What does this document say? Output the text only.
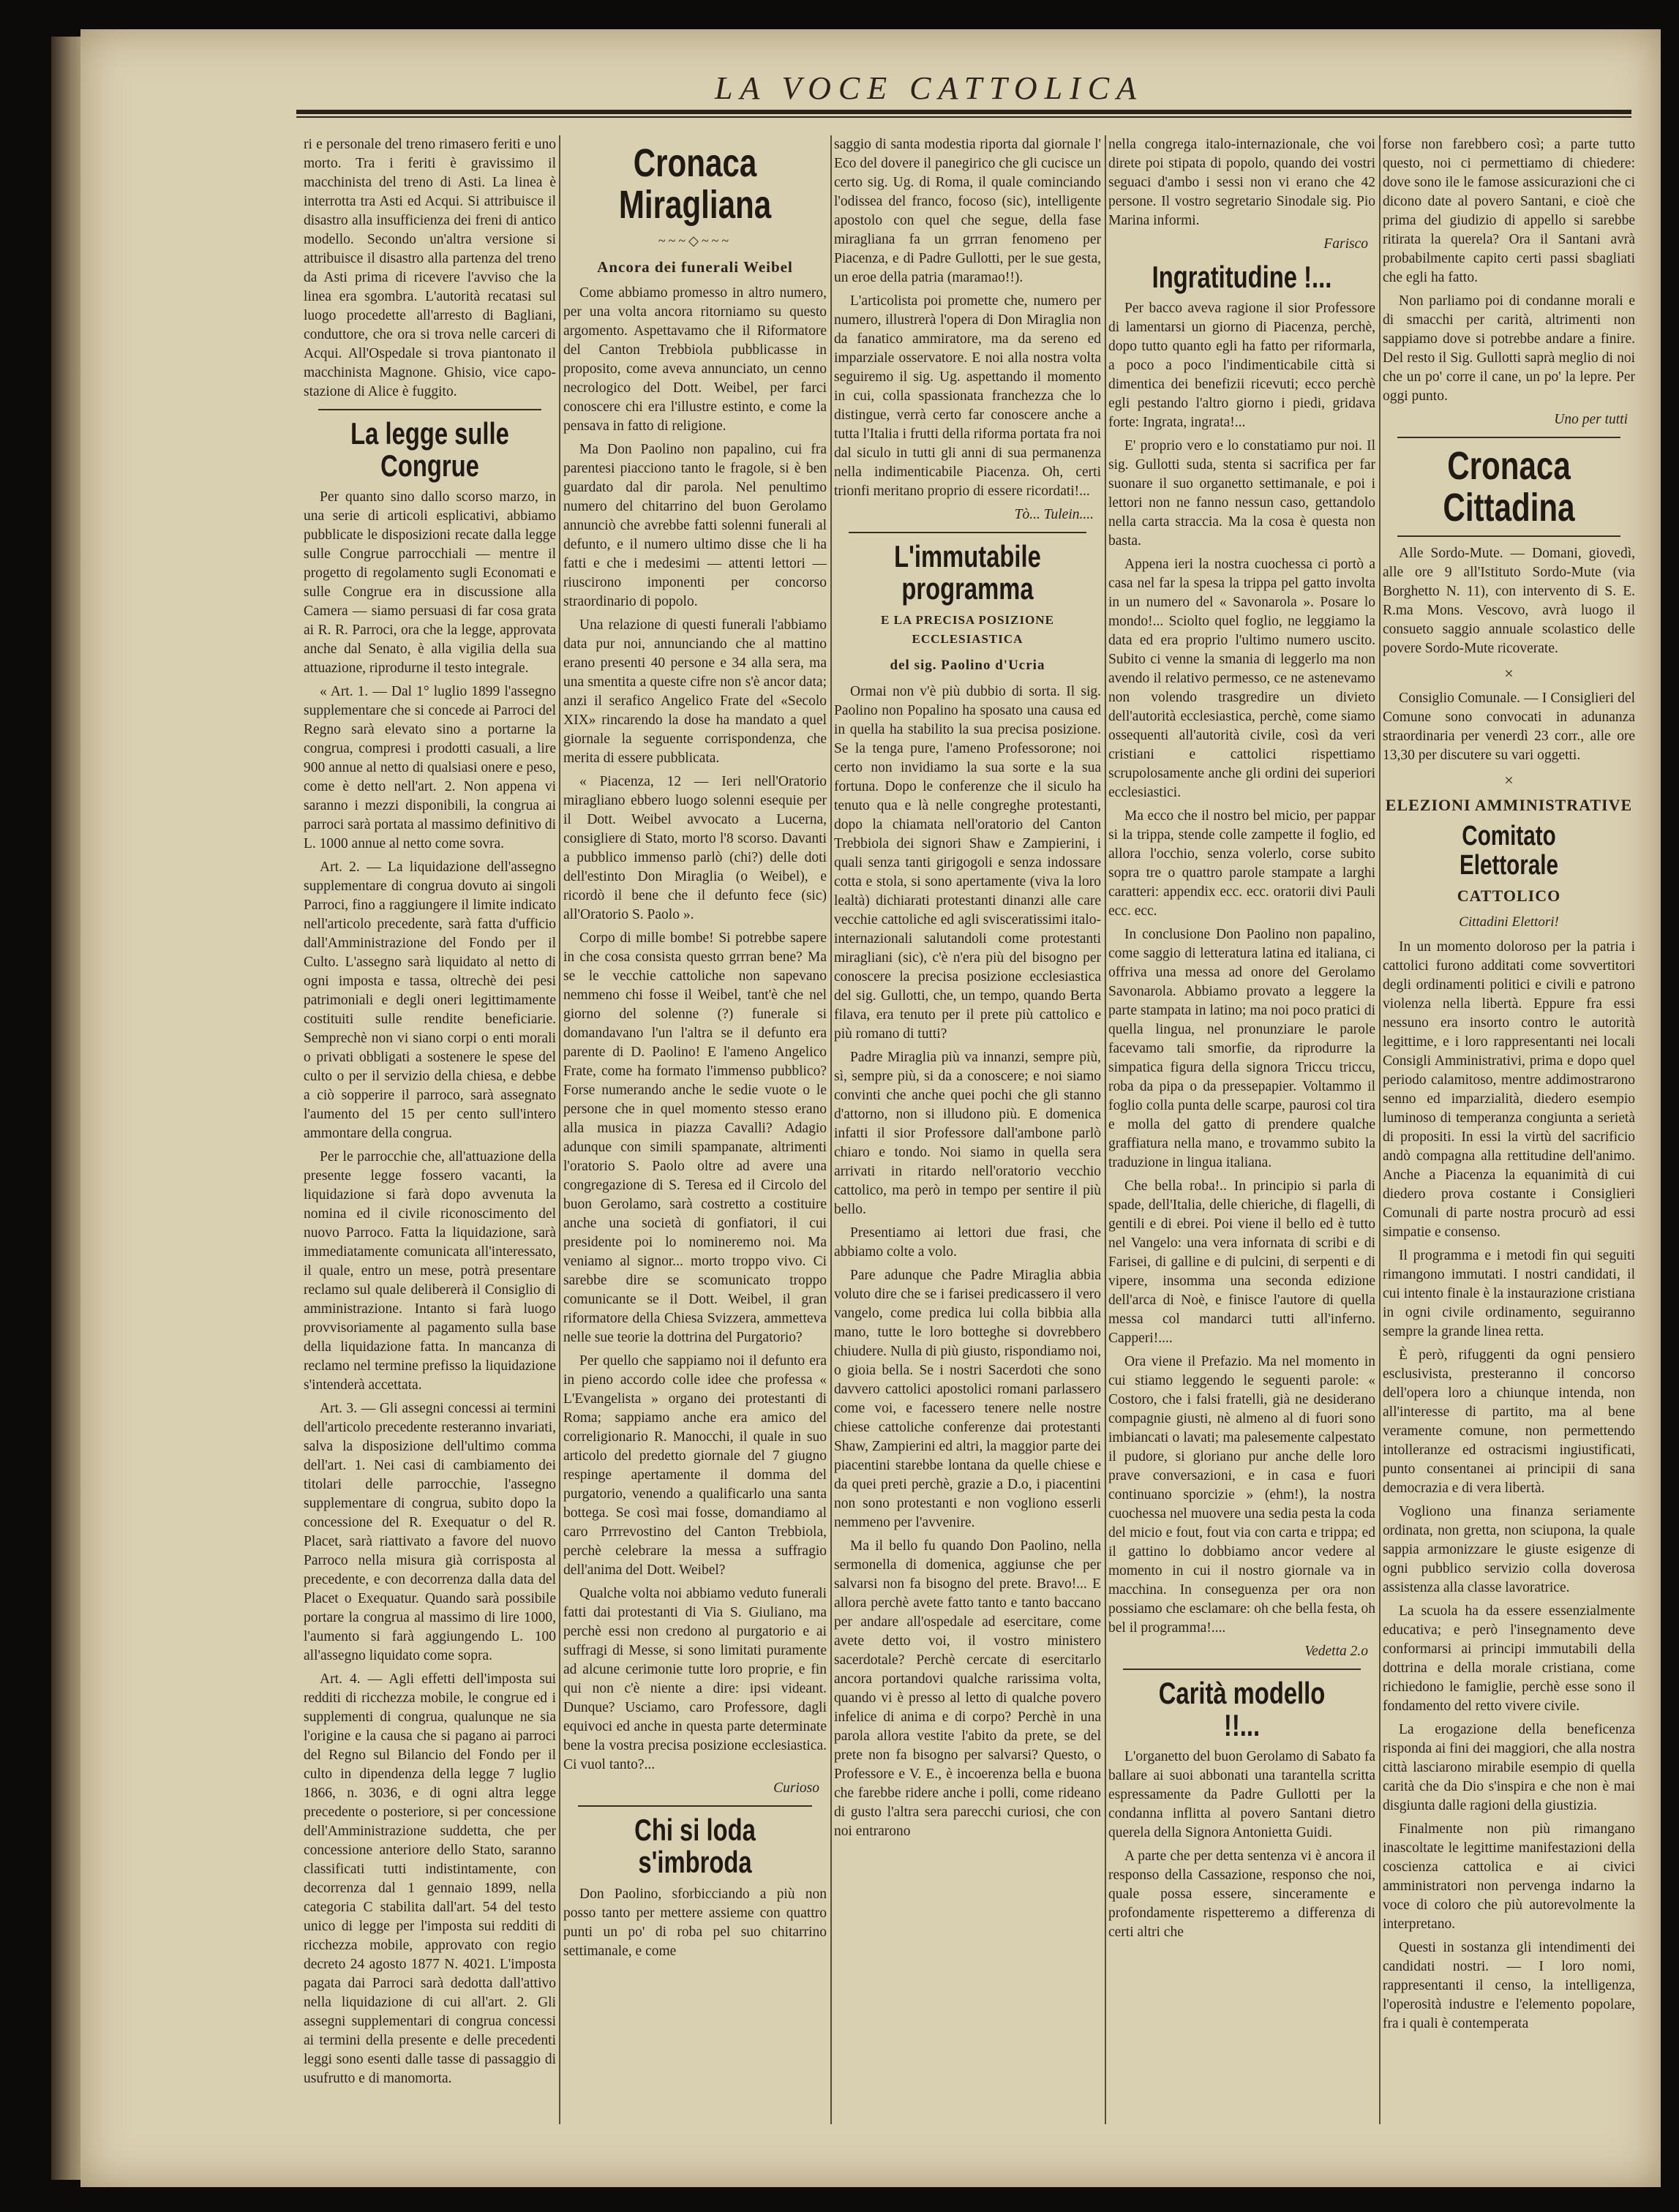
LA VOCE CATTOLICA

ri e personale del treno rimasero feriti e uno morto. Tra i feriti è gravissimo il macchinista del treno di Asti. La linea è interrotta tra Asti ed Acqui. Si attribuisce il disastro alla insufficienza dei freni di antico modello. Secondo un'altra versione si attribuisce il disastro alla partenza del treno da Asti prima di ricevere l'avviso che la linea era sgombra. L'autorità recatasi sul luogo procedette all'arresto di Bagliani, conduttore, che ora si trova nelle carceri di Acqui. All'Ospedale si trova piantonato il macchinista Magnone. Ghisio, vice capo-stazione di Alice è fuggito.

La legge sulle Congrue

Per quanto sino dallo scorso marzo, in una serie di articoli esplicativi, abbiamo pubblicate le disposizioni recate dalla legge sulle Congrue parrocchiali — mentre il progetto di regolamento sugli Economati e sulle Congrue era in discussione alla Camera — siamo persuasi di far cosa grata ai R. R. Parroci, ora che la legge, approvata anche dal Senato, è alla vigilia della sua attuazione, riprodurne il testo integrale.

« Art. 1. — Dal 1° luglio 1899 l'assegno supplementare che si concede ai Parroci del Regno sarà elevato sino a portarne la congrua, compresi i prodotti casuali, a lire 900 annue al netto di qualsiasi onere e peso, come è detto nell'art. 2. Non appena vi saranno i mezzi disponibili, la congrua ai parroci sarà portata al massimo definitivo di L. 1000 annue al netto come sovra.

Art. 2. — La liquidazione dell'assegno supplementare di congrua dovuto ai singoli Parroci, fino a raggiungere il limite indicato nell'articolo precedente, sarà fatta d'ufficio dall'Amministrazione del Fondo per il Culto. L'assegno sarà liquidato al netto di ogni imposta e tassa, oltrechè dei pesi patrimoniali e degli oneri legittimamente costituiti sulle rendite beneficiarie. Semprechè non vi siano corpi o enti morali o privati obbligati a sostenere le spese del culto o per il servizio della chiesa, e debbe a ciò sopperire il parroco, sarà assegnato l'aumento del 15 per cento sull'intero ammontare della congrua.

Per le parrocchie che, all'attuazione della presente legge fossero vacanti, la liquidazione si farà dopo avvenuta la nomina ed il civile riconoscimento del nuovo Parroco. Fatta la liquidazione, sarà immediatamente comunicata all'interessato, il quale, entro un mese, potrà presentare reclamo sul quale delibererà il Consiglio di amministrazione. Intanto si farà luogo provvisoriamente al pagamento sulla base della liquidazione fatta. In mancanza di reclamo nel termine prefisso la liquidazione s'intenderà accettata.

Art. 3. — Gli assegni concessi ai termini dell'articolo precedente resteranno invariati, salva la disposizione dell'ultimo comma dell'art. 1. Nei casi di cambiamento dei titolari delle parrocchie, l'assegno supplementare di congrua, subito dopo la concessione del R. Exequatur o del R. Placet, sarà riattivato a favore del nuovo Parroco nella misura già corrisposta al precedente, e con decorrenza dalla data del Placet o Exequatur. Quando sarà possibile portare la congrua al massimo di lire 1000, l'aumento si farà aggiungendo L. 100 all'assegno liquidato come sopra.

Art. 4. — Agli effetti dell'imposta sui redditi di ricchezza mobile, le congrue ed i supplementi di congrua, qualunque ne sia l'origine e la causa che si pagano ai parroci del Regno sul Bilancio del Fondo per il culto in dipendenza della legge 7 luglio 1866, n. 3036, e di ogni altra legge precedente o posteriore, si per concessione dell'Amministrazione suddetta, che per concessione anteriore dello Stato, saranno classificati tutti indistintamente, con decorrenza dal 1 gennaio 1899, nella categoria C stabilita dall'art. 54 del testo unico di legge per l'imposta sui redditi di ricchezza mobile, approvato con regio decreto 24 agosto 1877 N. 4021. L'imposta pagata dai Parroci sarà dedotta dall'attivo nella liquidazione di cui all'art. 2. Gli assegni supplementari di congrua concessi ai termini della presente e delle precedenti leggi sono esenti dalle tasse di passaggio di usufrutto e di manomorta.

Cronaca Miragliana
~~~◇~~~
Ancora dei funerali Weibel

Come abbiamo promesso in altro numero, per una volta ancora ritorniamo su questo argomento. Aspettavamo che il Riformatore del Canton Trebbiola pubblicasse in proposito, come aveva annunciato, un cenno necrologico del Dott. Weibel, per farci conoscere chi era l'illustre estinto, e come la pensava in fatto di religione.

Ma Don Paolino non papalino, cui fra parentesi piacciono tanto le fragole, si è ben guardato dal dir parola. Nel penultimo numero del chitarrino del buon Gerolamo annunciò che avrebbe fatti solenni funerali al defunto, e il numero ultimo disse che li ha fatti e che i medesimi — attenti lettori — riuscirono imponenti per concorso straordinario di popolo.

Una relazione di questi funerali l'abbiamo data pur noi, annunciando che al mattino erano presenti 40 persone e 34 alla sera, ma una smentita a queste cifre non s'è ancor data; anzi il serafico Angelico Frate del «Secolo XIX» rincarendo la dose ha mandato a quel giornale la seguente corrispondenza, che merita di essere pubblicata.

« Piacenza, 12 — Ieri nell'Oratorio miragliano ebbero luogo solenni esequie per il Dott. Weibel avvocato a Lucerna, consigliere di Stato, morto l'8 scorso. Davanti a pubblico immenso parlò (chi?) delle doti dell'estinto Don Miraglia (o Weibel), e ricordò il bene che il defunto fece (sic) all'Oratorio S. Paolo ».

Corpo di mille bombe! Si potrebbe sapere in che cosa consista questo grrran bene? Ma se le vecchie cattoliche non sapevano nemmeno chi fosse il Weibel, tant'è che nel giorno del solenne (?) funerale si domandavano l'un l'altra se il defunto era parente di D. Paolino! E l'ameno Angelico Frate, come ha formato l'immenso pubblico? Forse numerando anche le sedie vuote o le persone che in quel momento stesso erano alla musica in piazza Cavalli? Adagio adunque con simili spampanate, altrimenti l'oratorio S. Paolo oltre ad avere una congregazione di S. Teresa ed il Circolo del buon Gerolamo, sarà costretto a costituire anche una società di gonfiatori, il cui presidente poi lo nomineremo noi. Ma veniamo al signor... morto troppo vivo. Ci sarebbe dire se scomunicato troppo comunicante se il Dott. Weibel, il gran riformatore della Chiesa Svizzera, ammetteva nelle sue teorie la dottrina del Purgatorio?

Per quello che sappiamo noi il defunto era in pieno accordo colle idee che professa « L'Evangelista » organo dei protestanti di Roma; sappiamo anche era amico del correligionario R. Manocchi, il quale in suo articolo del predetto giornale del 7 giugno respinge apertamente il domma del purgatorio, venendo a qualificarlo una santa bottega. Se così mai fosse, domandiamo al caro Prrrevostino del Canton Trebbiola, perchè celebrare la messa a suffragio dell'anima del Dott. Weibel?

Qualche volta noi abbiamo veduto funerali fatti dai protestanti di Via S. Giuliano, ma perchè essi non credono al purgatorio e ai suffragi di Messe, si sono limitati puramente ad alcune cerimonie tutte loro proprie, e fin qui non c'è niente a dire: ipsi videant. Dunque? Usciamo, caro Professore, dagli equivoci ed anche in questa parte determinate bene la vostra precisa posizione ecclesiastica. Ci vuol tanto?...

Curioso
Chi si loda s'imbroda

Don Paolino, sforbicciando a più non posso tanto per mettere assieme con quattro punti un po' di roba pel suo chitarrino settimanale, e come

saggio di santa modestia riporta dal giornale l' Eco del dovere il panegirico che gli cucisce un certo sig. Ug. di Roma, il quale cominciando l'odissea del franco, focoso (sic), intelligente apostolo con quel che segue, della fase miragliana fa un grrran fenomeno per Piacenza, e di Padre Gullotti, per le sue gesta, un eroe della patria (maramao!!).

L'articolista poi promette che, numero per numero, illustrerà l'opera di Don Miraglia non da fanatico ammiratore, ma da sereno ed imparziale osservatore. E noi alla nostra volta seguiremo il sig. Ug. aspettando il momento in cui, colla spassionata franchezza che lo distingue, verrà certo far conoscere anche a tutta l'Italia i frutti della riforma portata fra noi dal siculo in tutti gli anni di sua permanenza nella indimenticabile Piacenza. Oh, certi trionfi meritano proprio di essere ricordati!...

Tò... Tulein....
L'immutabile programma
E LA PRECISA POSIZIONE ECCLESIASTICA
del sig. Paolino d'Ucria

Ormai non v'è più dubbio di sorta. Il sig. Paolino non Popalino ha sposato una causa ed in quella ha stabilito la sua precisa posizione. Se la tenga pure, l'ameno Professorone; noi certo non invidiamo la sua sorte e la sua fortuna. Dopo le conferenze che il siculo ha tenuto qua e là nelle congreghe protestanti, dopo la chiamata nell'oratorio del Canton Trebbiola dei signori Shaw e Zampierini, i quali senza tanti girigogoli e senza indossare cotta e stola, si sono apertamente (viva la loro lealtà) dichiarati protestanti dinanzi alle care vecchie cattoliche ed agli svisceratissimi italo-internazionali salutandoli come protestanti miragliani (sic), c'è n'era più del bisogno per conoscere la precisa posizione ecclesiastica del sig. Gullotti, che, un tempo, quando Berta filava, era tenuto per il prete più cattolico e più romano di tutti?

Padre Miraglia più va innanzi, sempre più, sì, sempre più, si da a conoscere; e noi siamo convinti che anche quei pochi che gli stanno d'attorno, non si illudono più. E domenica infatti il sior Professore dall'ambone parlò chiaro e tondo. Noi siamo in quella sera arrivati in ritardo nell'oratorio vecchio cattolico, ma però in tempo per sentire il più bello.

Presentiamo ai lettori due frasi, che abbiamo colte a volo.

Pare adunque che Padre Miraglia abbia voluto dire che se i farisei predicassero il vero vangelo, come predica lui colla bibbia alla mano, tutte le loro botteghe si dovrebbero chiudere. Nulla di più giusto, rispondiamo noi, o gioia bella. Se i nostri Sacerdoti che sono davvero cattolici apostolici romani parlassero come voi, e facessero tenere nelle nostre chiese cattoliche conferenze dai protestanti Shaw, Zampierini ed altri, la maggior parte dei piacentini starebbe lontana da quelle chiese e da quei preti perchè, grazie a D.o, i piacentini non sono protestanti e non vogliono esserli nemmeno per l'avvenire.

Ma il bello fu quando Don Paolino, nella sermonella di domenica, aggiunse che per salvarsi non fa bisogno del prete. Bravo!... E allora perchè avete fatto tanto e tanto baccano per andare all'ospedale ad esercitare, come avete detto voi, il vostro ministero sacerdotale? Perchè cercate di esercitarlo ancora portandovi qualche rarissima volta, quando vi è presso al letto di qualche povero infelice di anima e di corpo? Perchè in una parola allora vestite l'abito da prete, se del prete non fa bisogno per salvarsi? Questo, o Professore e V. E., è incoerenza bella e buona che farebbe ridere anche i polli, come rideano di gusto l'altra sera parecchi curiosi, che con noi entrarono

nella congrega italo-internazionale, che voi direte poi stipata di popolo, quando dei vostri seguaci d'ambo i sessi non vi erano che 42 persone. Il vostro segretario Sinodale sig. Pio Marina informi.

Farisco
Ingratitudine !...

Per bacco aveva ragione il sior Professore di lamentarsi un giorno di Piacenza, perchè, dopo tutto quanto egli ha fatto per riformarla, a poco a poco l'indimenticabile città si dimentica dei benefizii ricevuti; ecco perchè egli pestando l'altro giorno i piedi, gridava forte: Ingrata, ingrata!...

E' proprio vero e lo constatiamo pur noi. Il sig. Gullotti suda, stenta si sacrifica per far suonare il suo organetto settimanale, e poi i lettori non ne fanno nessun caso, gettandolo nella carta straccia. Ma la cosa è questa non basta.

Appena ieri la nostra cuochessa ci portò a casa nel far la spesa la trippa pel gatto involta in un numero del « Savonarola ». Posare lo mondo!... Sciolto quel foglio, ne leggiamo la data ed era proprio l'ultimo numero uscito. Subito ci venne la smania di leggerlo ma non avendo il relativo permesso, ce ne astenevamo non volendo trasgredire un divieto dell'autorità ecclesiastica, perchè, come siamo ossequenti all'autorità civile, così da veri cristiani e cattolici rispettiamo scrupolosamente anche gli ordini dei superiori ecclesiastici.

Ma ecco che il nostro bel micio, per pappar si la trippa, stende colle zampette il foglio, ed allora l'occhio, senza volerlo, corse subito sopra tre o quattro parole stampate a larghi caratteri: appendix ecc. ecc. oratorii divi Pauli ecc. ecc.

In conclusione Don Paolino non papalino, come saggio di letteratura latina ed italiana, ci offriva una messa ad onore del Gerolamo Savonarola. Abbiamo provato a leggere la parte stampata in latino; ma noi poco pratici di quella lingua, nel pronunziare le parole facevamo tali smorfie, da riprodurre la simpatica figura della signora Triccu triccu, roba da pipa o da pressepapier. Voltammo il foglio colla punta delle scarpe, paurosi col tira e molla del gatto di prendere qualche graffiatura nella mano, e trovammo subito la traduzione in lingua italiana.

Che bella roba!.. In principio si parla di spade, dell'Italia, delle chieriche, di flagelli, di gentili e di ebrei. Poi viene il bello ed è tutto nel Vangelo: una vera infornata di scribi e di Farisei, di galline e di pulcini, di serpenti e di vipere, insomma una seconda edizione dell'arca di Noè, e finisce l'autore di quella messa col mandarci tutti all'inferno. Capperi!....

Ora viene il Prefazio. Ma nel momento in cui stiamo leggendo le seguenti parole: « Costoro, che i falsi fratelli, già ne desiderano compagnie giusti, nè almeno al di fuori sono imbiancati o lavati; ma palesemente calpestato il pudore, si gloriano pur anche delle loro prave conversazioni, e in casa e fuori continuano sporcizie » (ehm!), la nostra cuochessa nel muovere una sedia pesta la coda del micio e fout, fout via con carta e trippa; ed il gattino lo dobbiamo ancor vedere al momento in cui il nostro giornale va in macchina. In conseguenza per ora non possiamo che esclamare: oh che bella festa, oh bel il programma!....

Vedetta 2.o
Carità modello !!...

L'organetto del buon Gerolamo di Sabato fa ballare ai suoi abbonati una tarantella scritta espressamente da Padre Gullotti per la condanna inflitta al povero Santani dietro querela della Signora Antonietta Guidi.

A parte che per detta sentenza vi è ancora il responso della Cassazione, responso che noi, quale possa essere, sinceramente e profondamente rispetteremo a differenza di certi altri che

forse non farebbero così; a parte tutto questo, noi ci permettiamo di chiedere: dove sono ile le famose assicurazioni che ci dicono date al povero Santani, e cioè che prima del giudizio di appello si sarebbe ritirata la querela? Ora il Santani avrà probabilmente capito certi passi sbagliati che egli ha fatto.

Non parliamo poi di condanne morali e di smacchi per carità, altrimenti non sappiamo dove si potrebbe andare a finire. Del resto il Sig. Gullotti saprà meglio di noi che un po' corre il cane, un po' la lepre. Per oggi punto.

Uno per tutti
Cronaca Cittadina

Alle Sordo-Mute. — Domani, giovedì, alle ore 9 all'Istituto Sordo-Mute (via Borghetto N. 11), con intervento di S. E. R.ma Mons. Vescovo, avrà luogo il consueto saggio annuale scolastico delle povere Sordo-Mute ricoverate.

×

Consiglio Comunale. — I Consiglieri del Comune sono convocati in adunanza straordinaria per venerdì 23 corr., alle ore 13,30 per discutere su vari oggetti.

×
ELEZIONI AMMINISTRATIVE
Comitato Elettorale
CATTOLICO
Cittadini Elettori!

In un momento doloroso per la patria i cattolici furono additati come sovvertitori degli ordinamenti politici e civili e patrono violenza nella libertà. Eppure fra essi nessuno era insorto contro le autorità legittime, e i loro rappresentanti nei locali Consigli Amministrativi, prima e dopo quel periodo calamitoso, mentre addimostrarono senno ed imparzialità, diedero esempio luminoso di temperanza congiunta a serietà di propositi. In essi la virtù del sacrificio andò compagna alla rettitudine dell'animo. Anche a Piacenza la equanimità di cui diedero prova costante i Consiglieri Comunali di parte nostra procurò ad essi simpatie e consenso.

Il programma e i metodi fin qui seguiti rimangono immutati. I nostri candidati, il cui intento finale è la instaurazione cristiana in ogni civile ordinamento, seguiranno sempre la grande linea retta.

È però, rifuggenti da ogni pensiero esclusivista, presteranno il concorso dell'opera loro a chiunque intenda, non all'interesse di partito, ma al bene veramente comune, non permettendo intolleranze ed ostracismi ingiustificati, punto consentanei ai principii di sana democrazia e di vera libertà.

Vogliono una finanza seriamente ordinata, non gretta, non sciupona, la quale sappia armonizzare le giuste esigenze di ogni pubblico servizio colla doverosa assistenza alla classe lavoratrice.

La scuola ha da essere essenzialmente educativa; e però l'insegnamento deve conformarsi ai principi immutabili della dottrina e della morale cristiana, come richiedono le famiglie, perchè esse sono il fondamento del retto vivere civile.

La erogazione della beneficenza risponda ai fini dei maggiori, che alla nostra città lasciarono mirabile esempio di quella carità che da Dio s'inspira e che non è mai disgiunta dalle ragioni della giustizia.

Finalmente non più rimangano inascoltate le legittime manifestazioni della coscienza cattolica e ai civici amministratori non pervenga indarno la voce di coloro che più autorevolmente la interpretano.

Questi in sostanza gli intendimenti dei candidati nostri. — I loro nomi, rappresentanti il censo, la intelligenza, l'operosità industre e l'elemento popolare, fra i quali è contemperata
